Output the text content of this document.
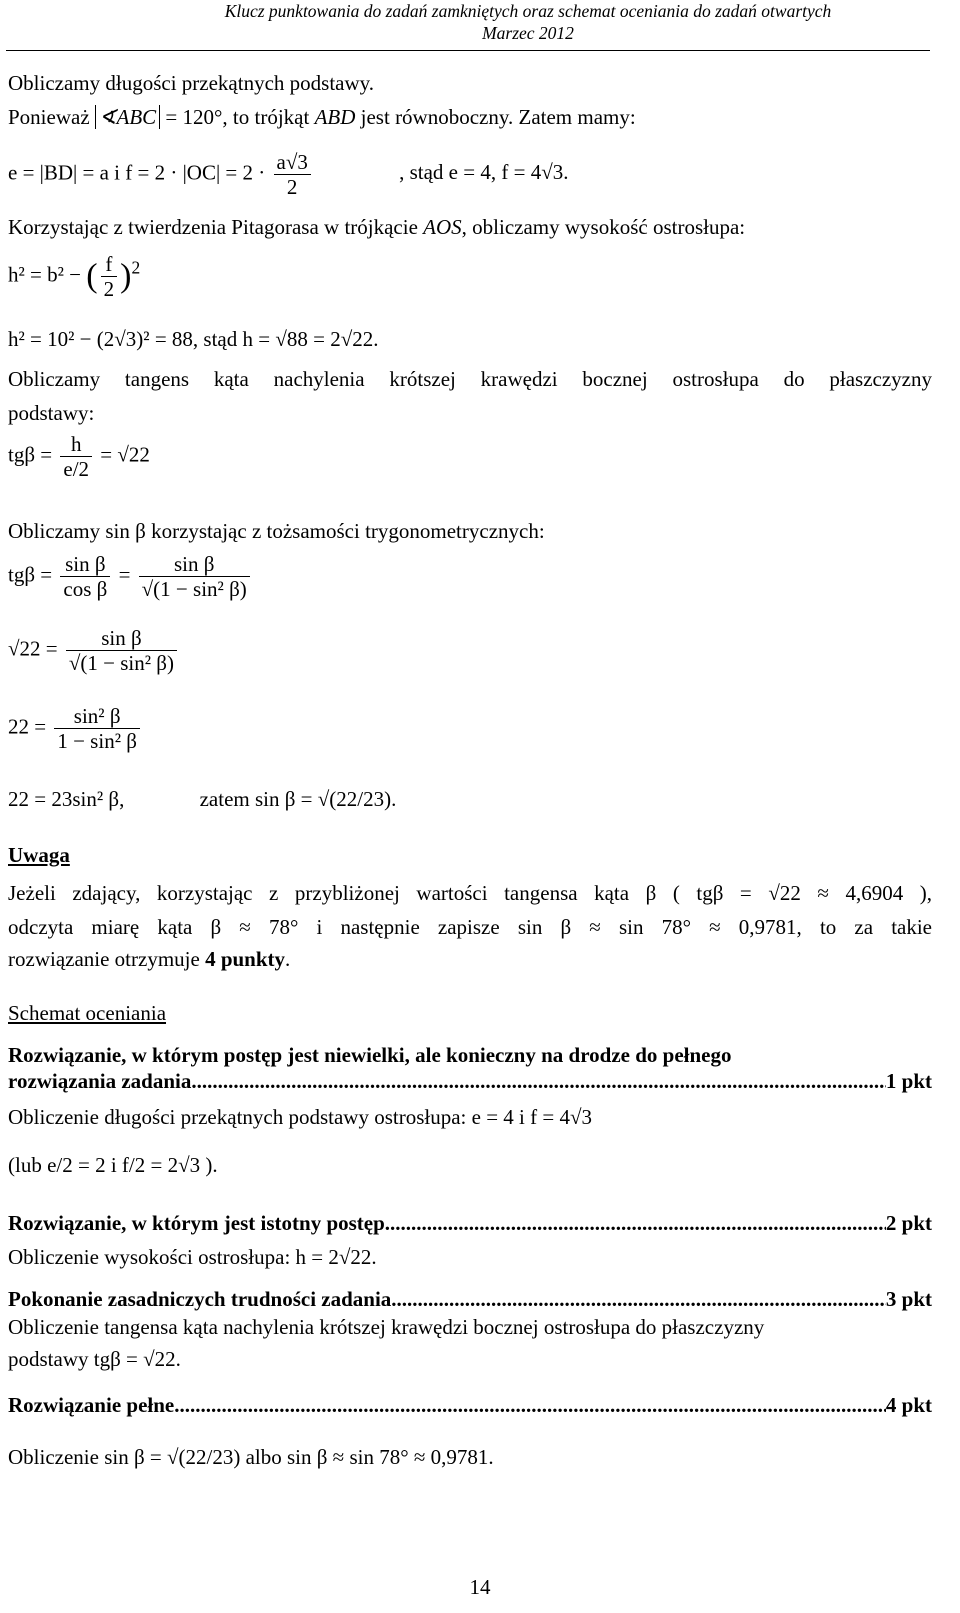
Klucz punktowania do zadań zamkniętych oraz schemat oceniania do zadań otwartych
Marzec 2012
Obliczamy długości przekątnych podstawy.
Ponieważ ∢ABC = 120°, to trójkąt ABD jest równoboczny. Zatem mamy:
e = |BD| = a i $f = 2 \cdot |OC| = 2 \cdot \frac{a√3}{2}$	, stąd e = 4, f = 4√3.
Korzystając z twierdzenia Pitagorasa w trójkącie AOS, obliczamy wysokość ostrosłupa:
h² = b² − ( $\frac{f}{2} )^2$
h² = 10² − (2√3)² = 88, stąd h = √88 = 2√22.
Obliczamy tangens kąta nachylenia krótszej krawędzi bocznej ostrosłupa do płaszczyzny
podstawy:
$tg\beta = \frac{h}{e/2} = √22$
Obliczamy sin β korzystając z tożsamości trygonometrycznych:
$tg\beta = \frac{\text{sin β}}{\text{cos β}} = \frac{\text{sin β}}{\text{√(1 − sin² β)}}$
$√22 = \frac{\text{sin β}}{\text{√(1 − sin² β)}}$
$22 = \frac{\text{sin² β}}{\text{1 − sin² β}}$
22 = 23sin² β,	zatem sin β = √(22/23).
Uwaga
Jeżeli zdający, korzystając z przybliżonej wartości tangensa kąta β ( tgβ = √22 ≈ 4,6904 ),
odczyta miarę kąta β ≈ 78° i następnie zapisze sin β ≈ sin 78° ≈ 0,9781, to za takie
rozwiązanie otrzymuje 4 punkty.
Schemat oceniania
Rozwiązanie, w którym postęp jest niewielki, ale konieczny na drodze do pełnego
rozwiązania zadania .....	1 pkt
Obliczenie długości przekątnych podstawy ostrosłupa: e = 4 i f = 4√3
(lub e/2 = 2 i f/2 = 2√3 ).
Rozwiązanie, w którym jest istotny postęp .....	2 pkt
Obliczenie wysokości ostrosłupa: h = 2√22.
Pokonanie zasadniczych trudności zadania .....	3 pkt
Obliczenie tangensa kąta nachylenia krótszej krawędzi bocznej ostrosłupa do płaszczyzny
podstawy tgβ = √22.
Rozwiązanie pełne .....	4 pkt
Obliczenie sin β = √(22/23) albo sin β ≈ sin 78° ≈ 0,9781.
14
